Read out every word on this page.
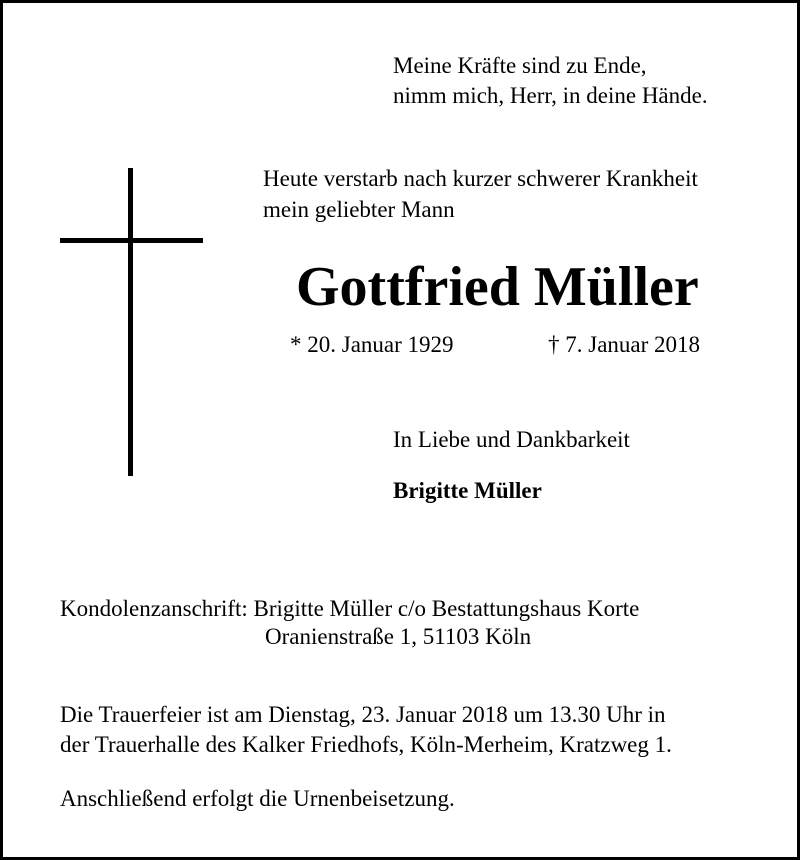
Meine Kräfte sind zu Ende,
nimm mich, Herr, in deine Hände.
Heute verstarb nach kurzer schwerer Krankheit
mein geliebter Mann
Gottfried Müller
* 20. Januar 1929	† 7. Januar 2018
In Liebe und Dankbarkeit
Brigitte Müller
Kondolenzanschrift: Brigitte Müller c/o Bestattungshaus Korte
Oranienstraße 1, 51103 Köln
Die Trauerfeier ist am Dienstag, 23. Januar 2018 um 13.30 Uhr in
der Trauerhalle des Kalker Friedhofs, Köln-Merheim, Kratzweg 1.
Anschließend erfolgt die Urnenbeisetzung.
